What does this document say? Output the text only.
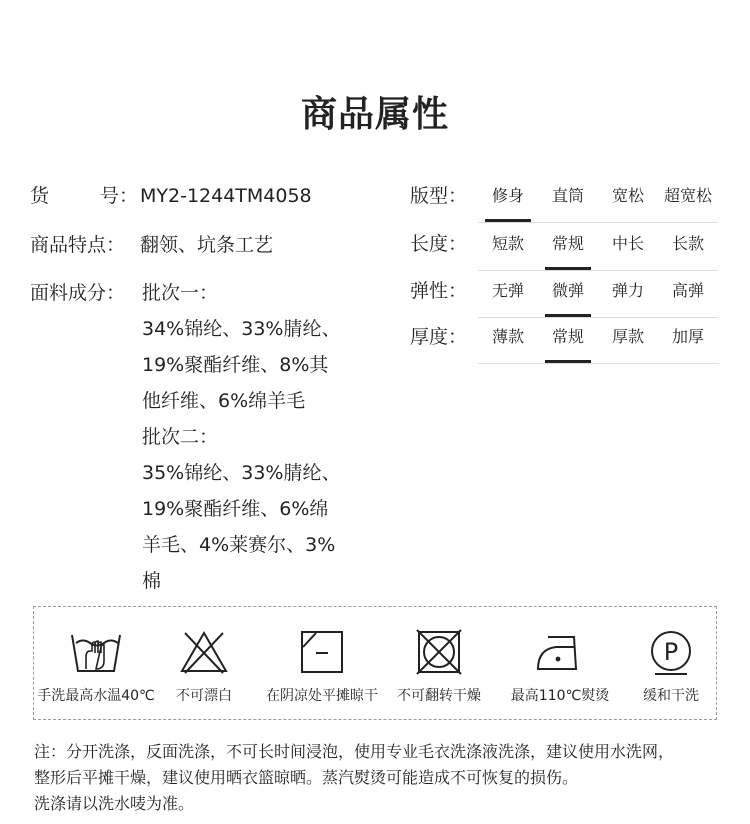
商品属性
货	号： MY2-1244TM4058
商品特点： 翻领、坑条工艺
面料成分： 批次一：
34%锦纶、33%腈纶、
19%聚酯纤维、8%其
他纤维、6%绵羊毛
批次二：
35%锦纶、33%腈纶、
19%聚酯纤维、6%绵
羊毛、4%莱赛尔、3%
棉
版型：	修身	直筒	宽松	超宽松
长度：	短款	常规	中长	长款
弹性：	无弹	微弹	弹力	高弹
厚度：	薄款	常规	厚款	加厚
手洗最高水温40℃	不可漂白	在阴凉处平摊晾干	不可翻转干燥	最高110℃熨烫
P
缓和干洗
注：分开洗涤，反面洗涤，不可长时间浸泡，使用专业毛衣洗涤液洗涤，建议使用水洗网，
整形后平摊干燥，建议使用晒衣篮晾晒。蒸汽熨烫可能造成不可恢复的损伤。
洗涤请以洗水唛为准。
